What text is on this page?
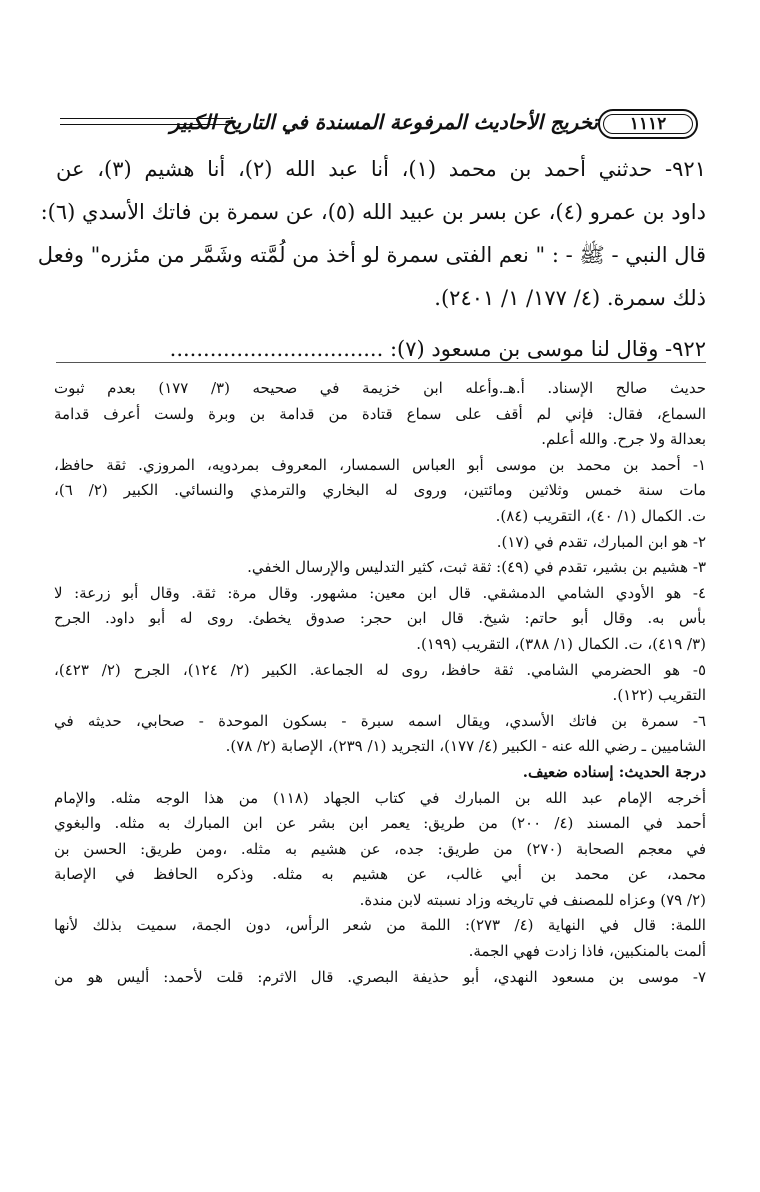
تخريج الأحاديث المرفوعة المسندة في التاريخ الكبير	١١١٢
٩٢١- حدثني أحمد بن محمد (١)، أنا عبد الله (٢)، أنا هشيم (٣)، عن
داود بن عمرو (٤)، عن بسر بن عبيد الله (٥)، عن سمرة بن فاتك الأسدي (٦):
قال النبي - ﷺ - : " نعم الفتى سمرة لو أخذ من لُمَّته وشَمَّر من مئزره" وفعل
ذلك سمرة. (٤/ ١٧٧/ ١/ ٢٤٠١).
٩٢٢- وقال لنا موسى بن مسعود (٧): ................................
حديث صالح الإسناد. أ.هـ.وأعله ابن خزيمة في صحيحه (٣/ ١٧٧) بعدم ثبوت
السماع، فقال: فإني لم أقف على سماع قتادة من قدامة بن وبرة ولست أعرف قدامة
بعدالة ولا جرح. والله أعلم.
١- أحمد بن محمد بن موسى أبو العباس السمسار، المعروف بمردويه، المروزي. ثقة حافظ،
مات سنة خمس وثلاثين ومائتين، وروى له البخاري والترمذي والنسائي. الكبير (٢/ ٦)،
ت. الكمال (١/ ٤٠)، التقريب (٨٤).
٢- هو ابن المبارك، تقدم في (١٧).
٣- هشيم بن بشير، تقدم في (٤٩): ثقة ثبت، كثير التدليس والإرسال الخفي.
٤- هو الأودي الشامي الدمشقي. قال ابن معين: مشهور. وقال مرة: ثقة. وقال أبو زرعة: لا
بأس به. وقال أبو حاتم: شيخ. قال ابن حجر: صدوق يخطئ. روى له أبو داود. الجرح
(٣/ ٤١٩)، ت. الكمال (١/ ٣٨٨)، التقريب (١٩٩).
٥- هو الحضرمي الشامي. ثقة حافظ، روى له الجماعة. الكبير (٢/ ١٢٤)، الجرح (٢/ ٤٢٣)،
التقريب (١٢٢).
٦- سمرة بن فاتك الأسدي، ويقال اسمه سبرة - بسكون الموحدة - صحابي، حديثه في
الشاميين ـ رضي الله عنه - الكبير (٤/ ١٧٧)، التجريد (١/ ٢٣٩)، الإصابة (٢/ ٧٨).
درجة الحديث: إسناده ضعيف.
أخرجه الإمام عبد الله بن المبارك في كتاب الجهاد (١١٨) من هذا الوجه مثله. والإمام
أحمد في المسند (٤/ ٢٠٠) من طريق: يعمر ابن بشر عن ابن المبارك به مثله. والبغوي
في معجم الصحابة (٢٧٠) من طريق: جده، عن هشيم به مثله. ،ومن طريق: الحسن بن
محمد، عن محمد بن أبي غالب، عن هشيم به مثله. وذكره الحافظ في الإصابة
(٢/ ٧٩) وعزاه للمصنف في تاريخه وزاد نسبته لابن مندة.
اللمة: قال في النهاية (٤/ ٢٧٣): اللمة من شعر الرأس، دون الجمة، سميت بذلك لأنها
ألمت بالمنكبين، فاذا زادت فهي الجمة.
٧- موسى بن مسعود النهدي، أبو حذيفة البصري. قال الاثرم: قلت لأحمد: أليس هو من
